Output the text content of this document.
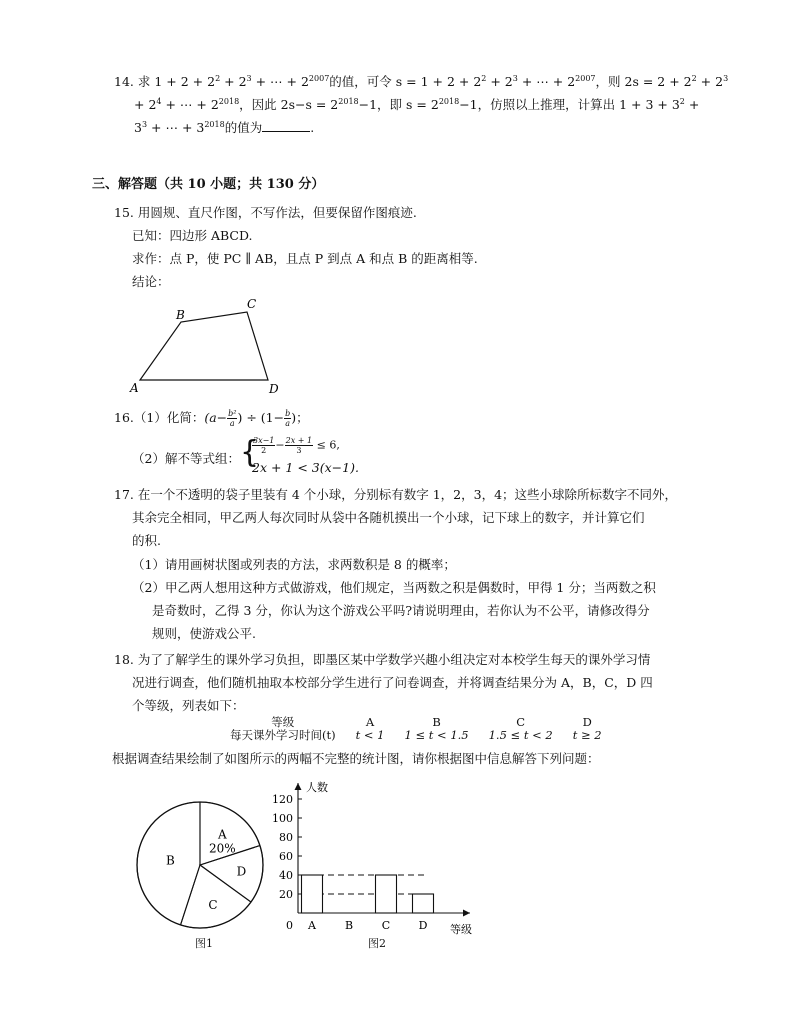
14. 求 $1 + 2 + 2^2 + 2^3$ + ⋯ + $2^{2007}$的值，可令 $s = 1 + 2 + 2^2 + 2^3$ + ⋯ + $2^{2007}$，则 $2s = 2 + 2^2 + 2^3$
+ $2^4$ + ⋯ + $2^{2018}$，因此 $2s-s = 2^{2018}-1$，即 $s = 2^{2018}-1$，仿照以上推理，计算出 $1 + 3 + 3^2$ +
$3^3$ + ⋯ + $3^{2018}$的值为	.
三、解答题（共 10 小题；共 130 分）
15. 用圆规、直尺作图，不写作法，但要保留作图痕迹.
已知：四边形 ABCD.
求作：点 P，使 PC ∥ AB，且点 P 到点 A 和点 B 的距离相等.
结论：
A
B
C
D
16.（1）化简：($a- \frac{\text{b²}}{a}$ ) ÷ ($1- \frac{b}{a}$ )；
（2）解不等式组： {
$\frac{3x-1}{2} - \frac{2x + 1}{3} \le 6$,
2x + 1 < 3(x−1).
17. 在一个不透明的袋子里装有 4 个小球，分别标有数字 1，2，3，4；这些小球除所标数字不同外，
其余完全相同，甲乙两人每次同时从袋中各随机摸出一个小球，记下球上的数字，并计算它们
的积.
（1）请用画树状图或列表的方法，求两数积是 8 的概率；
（2）甲乙两人想用这种方式做游戏，他们规定，当两数之积是偶数时，甲得 1 分；当两数之积
是奇数时，乙得 3 分，你认为这个游戏公平吗?请说明理由，若你认为不公平，请修改得分
规则，使游戏公平.
18. 为了了解学生的课外学习负担，即墨区某中学数学兴趣小组决定对本校学生每天的课外学习情
况进行调查，他们随机抽取本校部分学生进行了问卷调查，并将调查结果分为 A，B，C，D 四
个等级，列表如下：
等级	A	B	C	D
每天课外学习时间(t)	t < 1	1 ≤ t < 1.5	1.5 ≤ t < 2	t ≥ 2
根据调查结果绘制了如图所示的两幅不完整的统计图，请你根据图中信息解答下列问题：
A
B
C
D
20%
图1
人数
等级
0
20
40
60
80
100
120
A	B	C	D
图2
